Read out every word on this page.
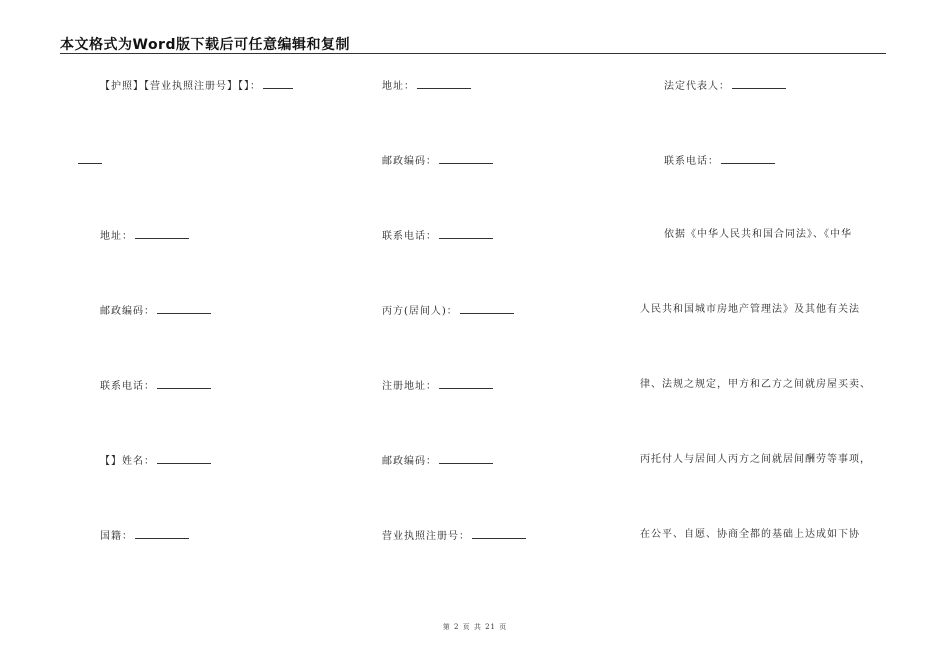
本文格式为Word版下载后可任意编辑和复制
【护照】【营业执照注册号】【】：
地址：
邮政编码：
联系电话：
【】姓名：
国籍：
地址：
邮政编码：
联系电话：
丙方(居间人)：
注册地址：
邮政编码：
营业执照注册号：
法定代表人：
联系电话：
依据《中华人民共和国合同法》、《中华
人民共和国城市房地产管理法》及其他有关法
律、法规之规定，甲方和乙方之间就房屋买卖、
丙托付人与居间人丙方之间就居间酬劳等事项，
在公平、自愿、协商全都的基础上达成如下协
第 2 页 共 21 页
